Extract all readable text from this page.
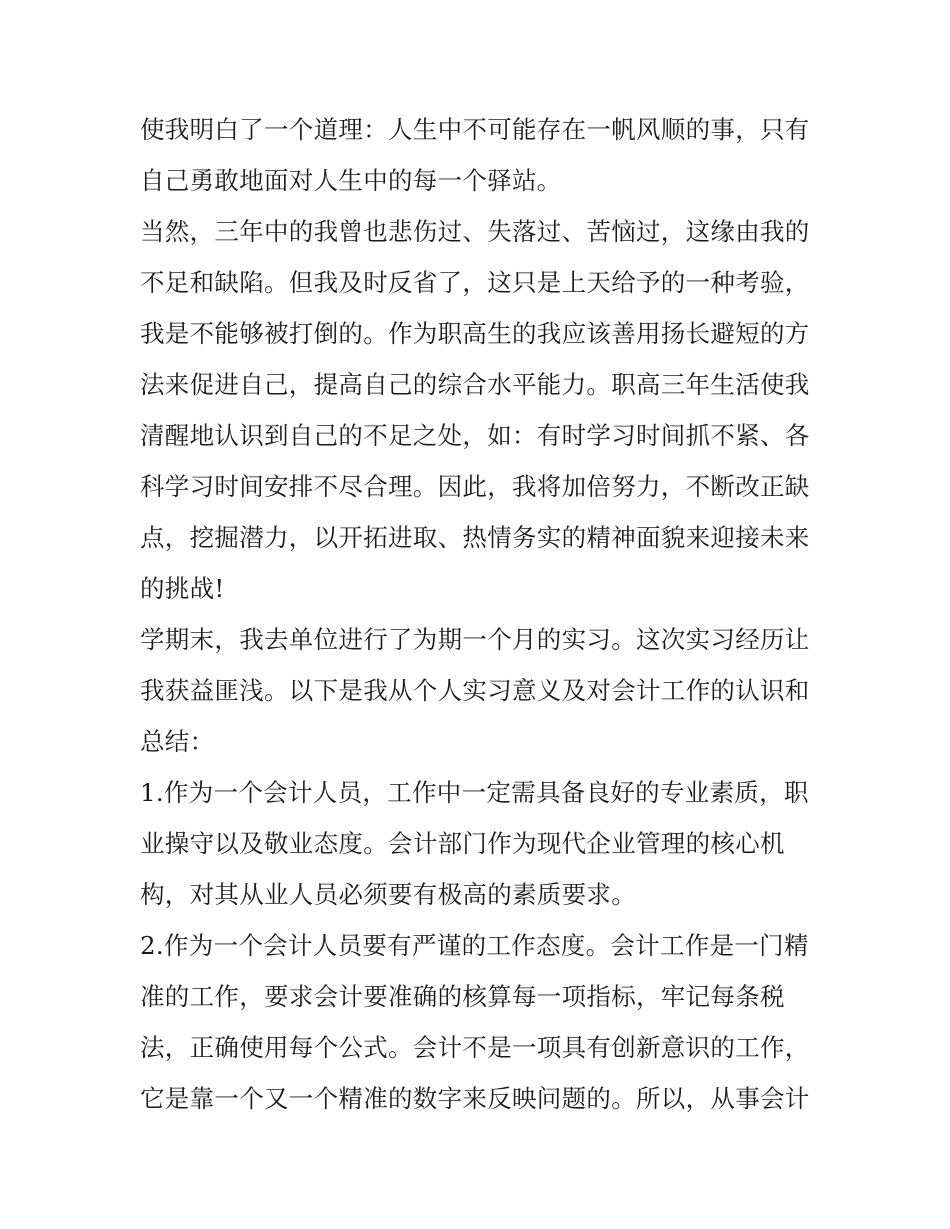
使我明白了一个道理：人生中不可能存在一帆风顺的事，只有
自己勇敢地面对人生中的每一个驿站。
当然，三年中的我曾也悲伤过、失落过、苦恼过，这缘由我的
不足和缺陷。但我及时反省了，这只是上天给予的一种考验，
我是不能够被打倒的。作为职高生的我应该善用扬长避短的方
法来促进自己，提高自己的综合水平能力。职高三年生活使我
清醒地认识到自己的不足之处，如：有时学习时间抓不紧、各
科学习时间安排不尽合理。因此，我将加倍努力，不断改正缺
点，挖掘潜力，以开拓进取、热情务实的精神面貌来迎接未来
的挑战!
学期末，我去单位进行了为期一个月的实习。这次实习经历让
我获益匪浅。以下是我从个人实习意义及对会计工作的认识和
总结：
1.作为一个会计人员，工作中一定需具备良好的专业素质，职
业操守以及敬业态度。会计部门作为现代企业管理的核心机
构，对其从业人员必须要有极高的素质要求。
2.作为一个会计人员要有严谨的工作态度。会计工作是一门精
准的工作，要求会计要准确的核算每一项指标，牢记每条税
法，正确使用每个公式。会计不是一项具有创新意识的工作，
它是靠一个又一个精准的数字来反映问题的。所以，从事会计
